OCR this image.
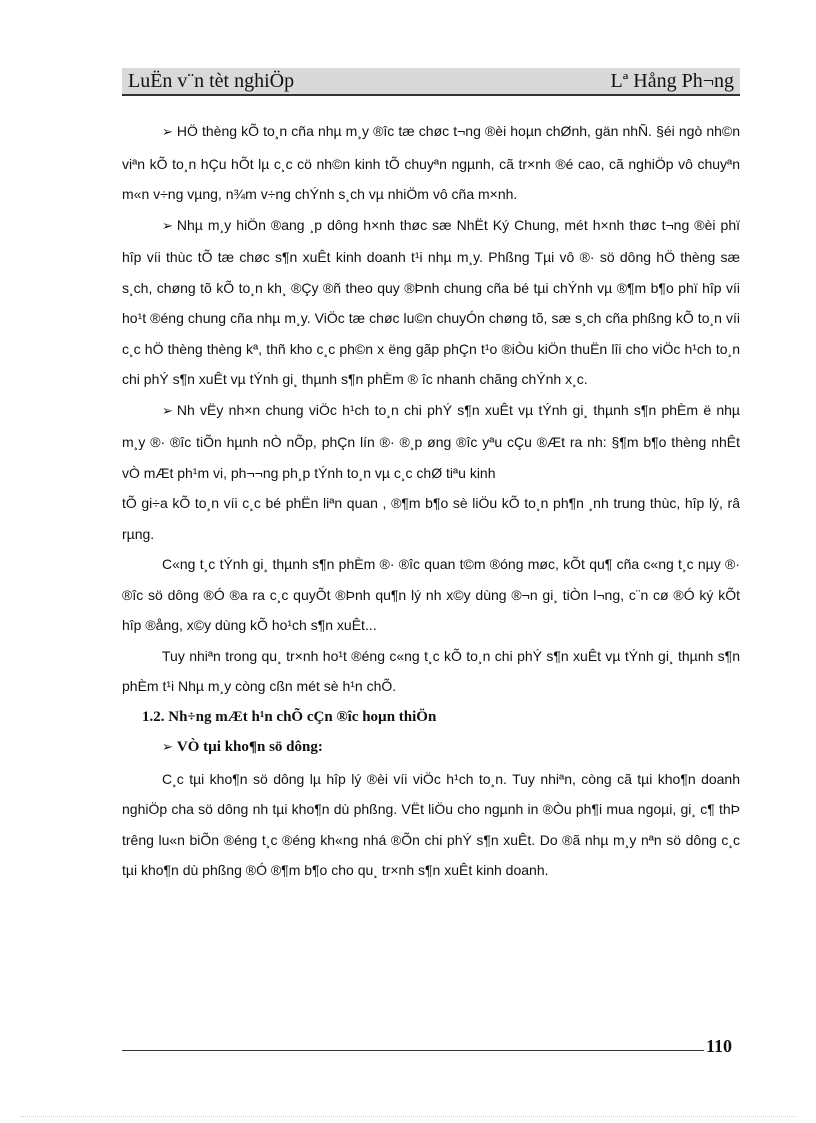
LuËn v¨n tèt nghiÖp	Lª Hång Ph¬ng

➢ HÖ thèng kÕ to¸n cña nhµ m¸y ®îc tæ chøc t¬ng ®èi hoµn chØnh, gän nhÑ. §éi ngò nh©n viªn kÕ to¸n hÇu hÕt lµ c¸c cö nh©n kinh tÕ chuyªn ngµnh, cã tr×nh ®é cao, cã nghiÖp vô chuyªn m«n v÷ng vµng, n¾m v÷ng chÝnh s¸ch vµ nhiÖm vô cña m×nh.

➢ Nhµ m¸y hiÖn ®ang ¸p dông h×nh thøc sæ NhËt Ký Chung, mét h×nh thøc t¬ng ®èi phï hîp víi thùc tÕ tæ chøc s¶n xuÊt kinh doanh t¹i nhµ m¸y. Phßng Tµi vô ®· sö dông hÖ thèng sæ s¸ch, chøng tõ kÕ to¸n kh¸ ®Çy ®ñ theo quy ®Þnh chung cña bé tµi chÝnh vµ ®¶m b¶o phï hîp víi ho¹t ®éng chung cña nhµ m¸y. ViÖc tæ chøc lu©n chuyÓn chøng tõ, sæ s¸ch cña phßng kÕ to¸n víi c¸c hÖ thèng thèng kª, thñ kho c¸c ph©n x ëng gãp phÇn t¹o ®iÒu kiÖn thuËn lîi cho viÖc h¹ch to¸n chi phÝ s¶n xuÊt vµ tÝnh gi¸ thµnh s¶n phÈm ® îc nhanh chãng chÝnh x¸c.

➢ Nh vËy nh×n chung viÖc h¹ch to¸n chi phÝ s¶n xuÊt vµ tÝnh gi¸ thµnh s¶n phÈm ë nhµ m¸y ®· ®îc tiÕn hµnh nÒ nÕp, phÇn lín ®· ®¸p øng ®îc yªu cÇu ®Æt ra nh: §¶m b¶o thèng nhÊt vÒ mÆt ph¹m vi, ph¬¬ng ph¸p tÝnh to¸n vµ c¸c chØ tiªu kinh

tÕ gi÷a kÕ to¸n víi c¸c bé phËn liªn quan , ®¶m b¶o sè liÖu kÕ to¸n ph¶n ¸nh trung thùc, hîp lý, râ rµng.

C«ng t¸c tÝnh gi¸ thµnh s¶n phÈm ®· ®îc quan t©m ®óng møc, kÕt qu¶ cña c«ng t¸c nµy ®· ®îc sö dông ®Ó ®a ra c¸c quyÕt ®Þnh qu¶n lý nh x©y dùng ®¬n gi¸ tiÒn l¬ng, c¨n cø ®Ó ký kÕt hîp ®ång, x©y dùng kÕ ho¹ch s¶n xuÊt...

Tuy nhiªn trong qu¸ tr×nh ho¹t ®éng c«ng t¸c kÕ to¸n chi phÝ s¶n xuÊt vµ tÝnh gi¸ thµnh s¶n phÈm t¹i Nhµ m¸y còng cßn mét sè h¹n chÕ.

1.2. Nh÷ng mÆt h¹n chÕ cÇn ®îc hoµn thiÖn

➢ VÒ tµi kho¶n sö dông:

C¸c tµi kho¶n sö dông lµ hîp lý ®èi víi viÖc h¹ch to¸n. Tuy nhiªn, còng cã tµi kho¶n doanh nghiÖp cha sö dông nh tµi kho¶n dù phßng. VËt liÖu cho ngµnh in ®Òu ph¶i mua ngoµi, gi¸ c¶ thÞ trêng lu«n biÕn ®éng t¸c ®éng kh«ng nhá ®Õn chi phÝ s¶n xuÊt. Do ®ã nhµ m¸y nªn sö dông c¸c tµi kho¶n dù phßng ®Ó ®¶m b¶o cho qu¸ tr×nh s¶n xuÊt kinh doanh.

110
